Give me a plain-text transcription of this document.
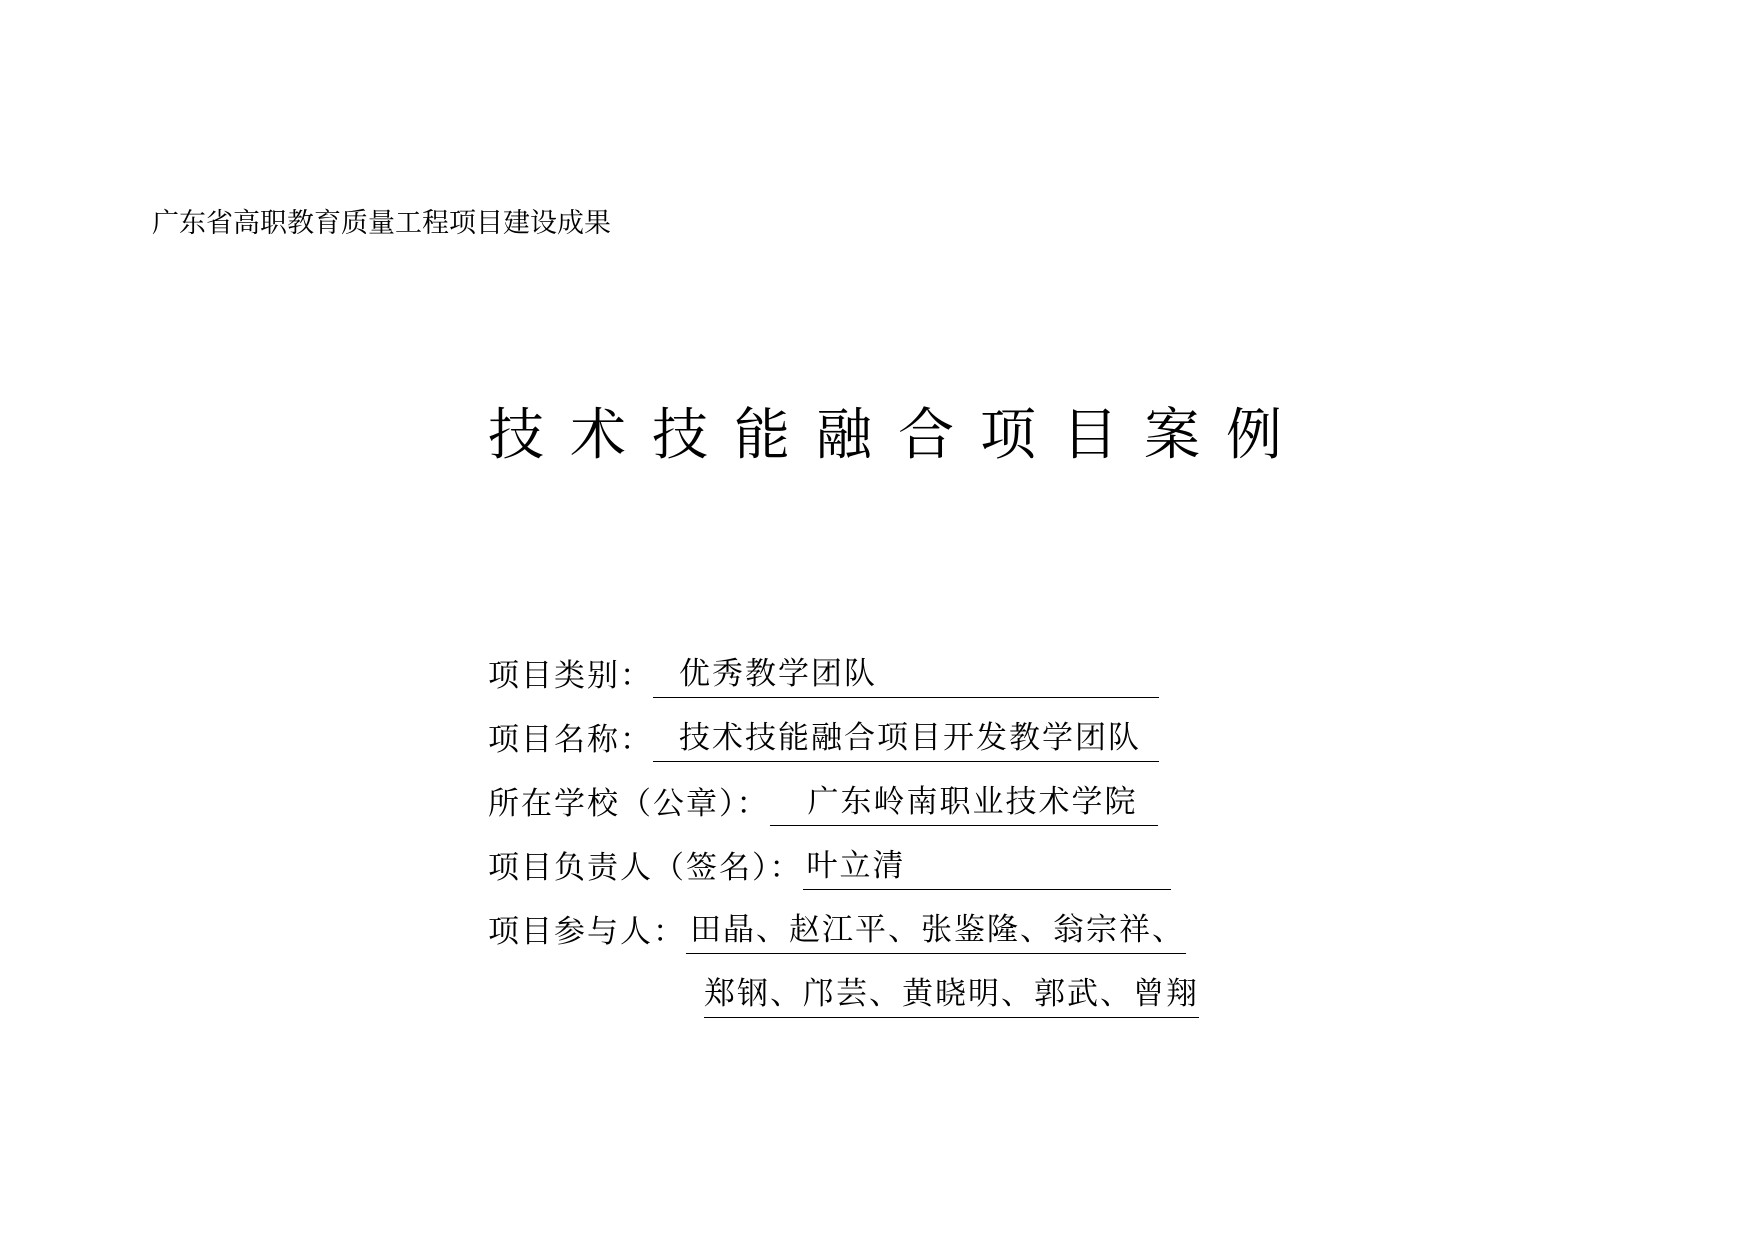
广东省高职教育质量工程项目建设成果
技术技能融合项目案例
项目类别： 优秀教学团队
项目名称： 技术技能融合项目开发教学团队
所在学校（公章）：	广东岭南职业技术学院
项目负责人（签名）： 叶立清
项目参与人： 田晶、赵江平、张鉴隆、翁宗祥、
郑钢、邝芸、黄晓明、郭武、曾翔
